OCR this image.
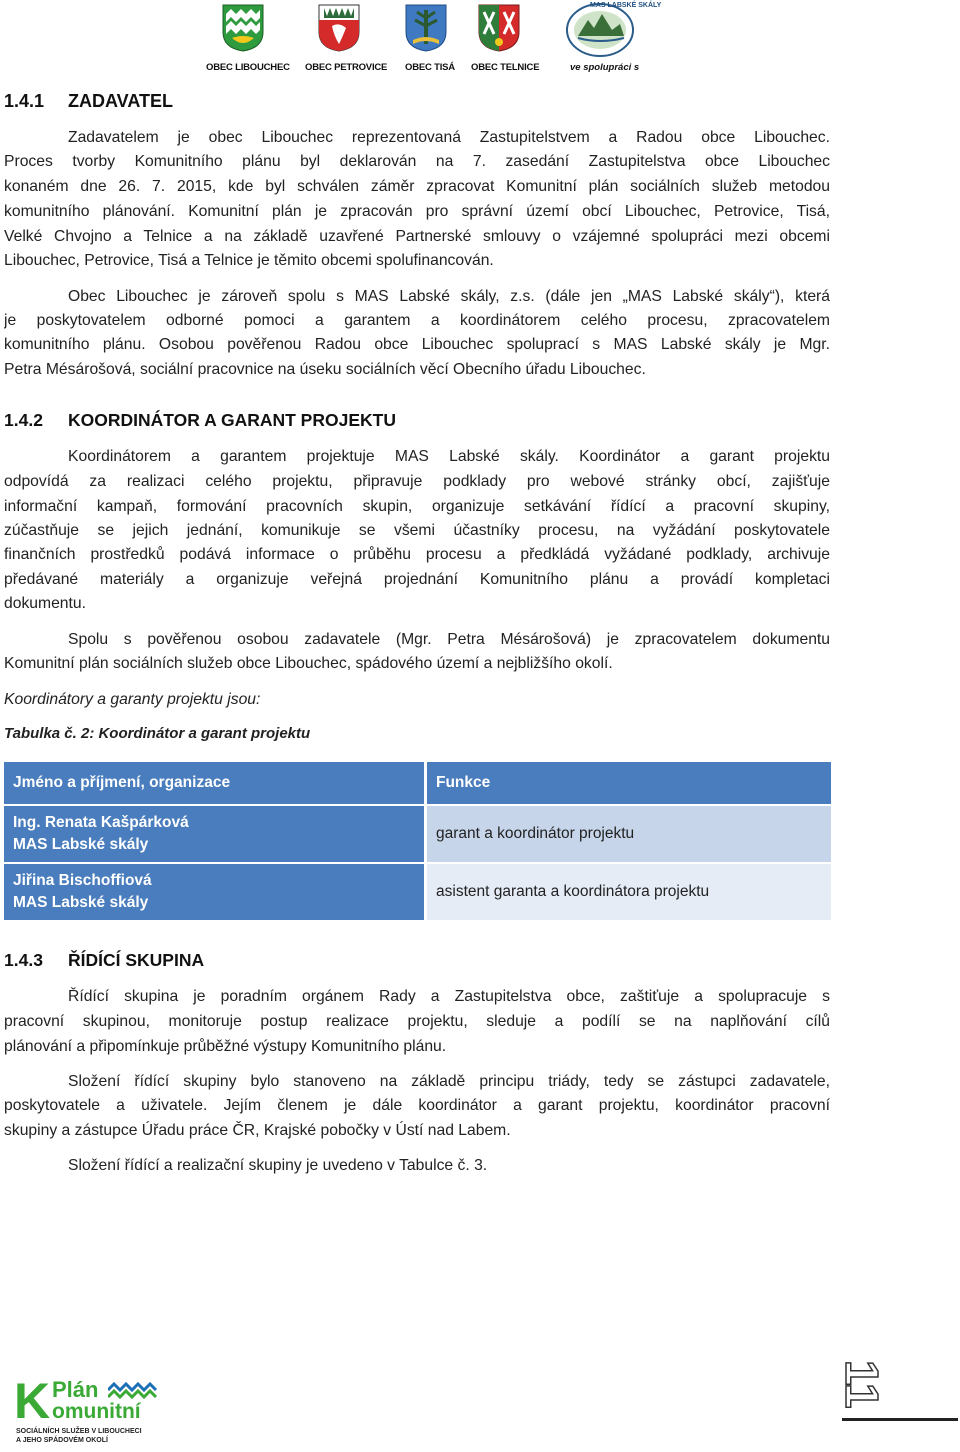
OBEC LIBOUCHEC OBEC PETROVICE OBEC TISÁ OBEC TELNICE
MAS LABSKÉ SKÁLY
ve spolupráci s
1.4.1 ZADAVATEL
Zadavatelem je obec Libouchec reprezentovaná Zastupitelstvem a Radou obce Libouchec.
Proces tvorby Komunitního plánu byl deklarován na 7. zasedání Zastupitelstva obce Libouchec
konaném dne 26. 7. 2015, kde byl schválen záměr zpracovat Komunitní plán sociálních služeb metodou
komunitního plánování. Komunitní plán je zpracován pro správní území obcí Libouchec, Petrovice, Tisá,
Velké Chvojno a Telnice a na základě uzavřené Partnerské smlouvy o vzájemné spolupráci mezi obcemi
Libouchec, Petrovice, Tisá a Telnice je těmito obcemi spolufinancován.
Obec Libouchec je zároveň spolu s MAS Labské skály, z.s. (dále jen „MAS Labské skály“), která
je poskytovatelem odborné pomoci a garantem a koordinátorem celého procesu, zpracovatelem
komunitního plánu. Osobou pověřenou Radou obce Libouchec spoluprací s MAS Labské skály je Mgr.
Petra Mésárošová, sociální pracovnice na úseku sociálních věcí Obecního úřadu Libouchec.
1.4.2 KOORDINÁTOR A GARANT PROJEKTU
Koordinátorem a garantem projektuje MAS Labské skály. Koordinátor a garant projektu
odpovídá za realizaci celého projektu, připravuje podklady pro webové stránky obcí, zajišťuje
informační kampaň, formování pracovních skupin, organizuje setkávání řídící a pracovní skupiny,
zúčastňuje se jejich jednání, komunikuje se všemi účastníky procesu, na vyžádání poskytovatele
finančních prostředků podává informace o průběhu procesu a předkládá vyžádané podklady, archivuje
předávané materiály a organizuje veřejná projednání Komunitního plánu a provádí kompletaci
dokumentu.
Spolu s pověřenou osobou zadavatele (Mgr. Petra Mésárošová) je zpracovatelem dokumentu
Komunitní plán sociálních služeb obce Libouchec, spádového území a nejbližšího okolí.
Koordinátory a garanty projektu jsou:
Tabulka č. 2: Koordinátor a garant projektu
Jméno a příjmení, organizace	Funkce

Ing. Renata Kašpárková
MAS Labské skály	garant a koordinátor projektu

Jiřina Bischoffiová
MAS Labské skály	asistent garanta a koordinátora projektu
1.4.3 ŘÍDÍCÍ SKUPINA
Řídící skupina je poradním orgánem Rady a Zastupitelstva obce, zaštiťuje a spolupracuje s
pracovní skupinou, monitoruje postup realizace projektu, sleduje a podílí se na naplňování cílů
plánování a připomínkuje průběžné výstupy Komunitního plánu.
Složení řídící skupiny bylo stanoveno na základě principu triády, tedy se zástupci zadavatele,
poskytovatele a uživatele. Jejím členem je dále koordinátor a garant projektu, koordinátor pracovní
skupiny a zástupce Úřadu práce ČR, Krajské pobočky v Ústí nad Labem.
Složení řídící a realizační skupiny je uvedeno v Tabulce č. 3.
K Plán
omunitní
SOCIÁLNÍCH SLUŽEB V LIBOUCHECI
A JEHO SPÁDOVÉM OKOLÍ
11
